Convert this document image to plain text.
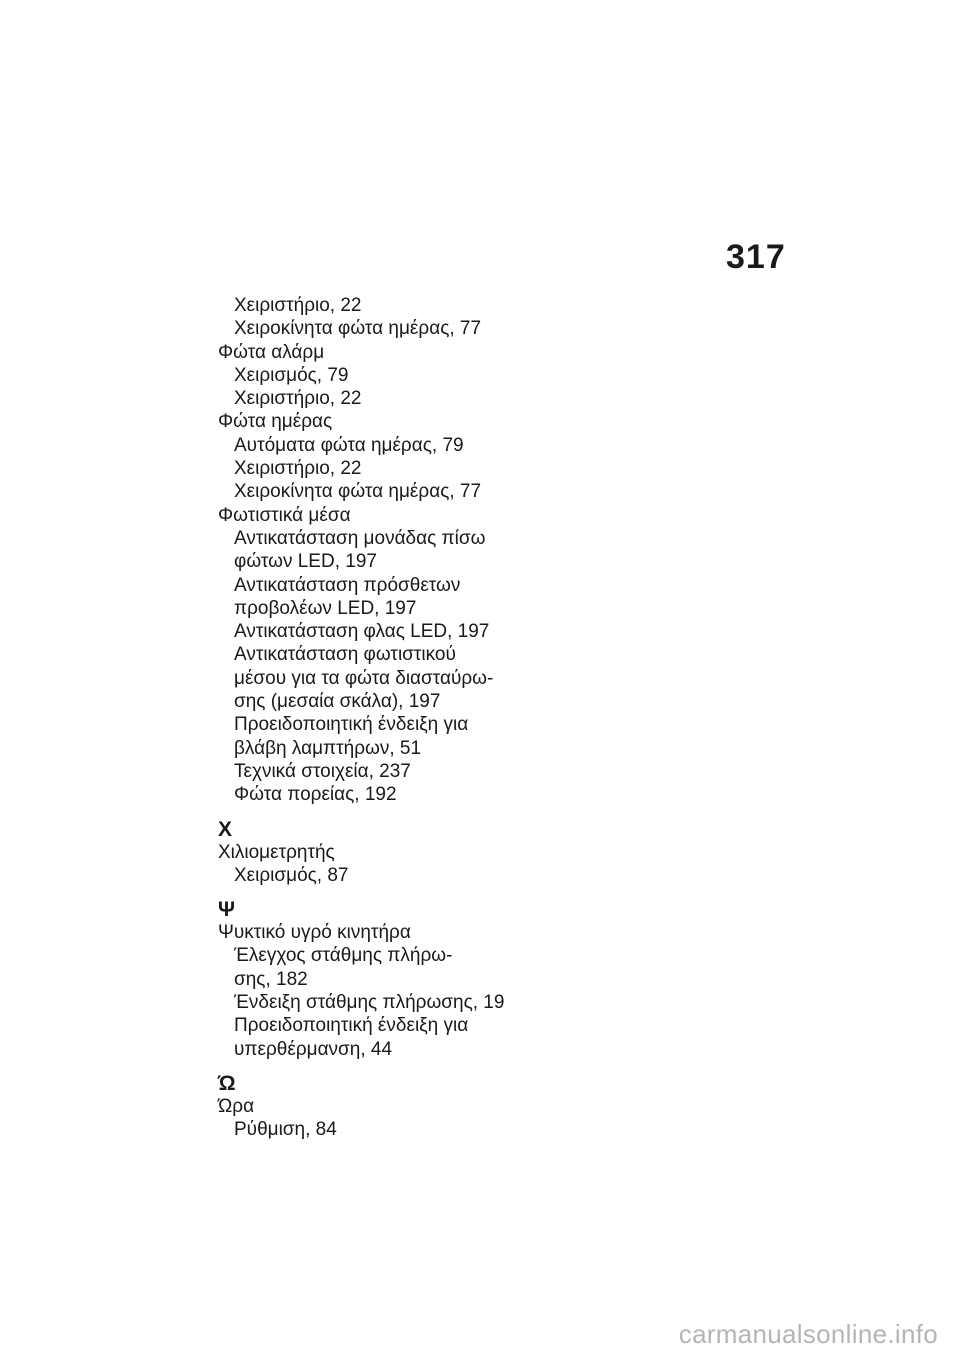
317
Χειριστήριο, 22
Χειροκίνητα φώτα ημέρας, 77
Φώτα αλάρμ
Χειρισμός, 79
Χειριστήριο, 22
Φώτα ημέρας
Αυτόματα φώτα ημέρας, 79
Χειριστήριο, 22
Χειροκίνητα φώτα ημέρας, 77
Φωτιστικά μέσα
Αντικατάσταση μονάδας πίσω
φώτων LED, 197
Αντικατάσταση πρόσθετων
προβολέων LED, 197
Αντικατάσταση φλας LED, 197
Αντικατάσταση φωτιστικού
μέσου για τα φώτα διασταύρω-
σης (μεσαία σκάλα), 197
Προειδοποιητική ένδειξη για
βλάβη λαμπτήρων, 51
Τεχνικά στοιχεία, 237
Φώτα πορείας, 192
Χ
Χιλιομετρητής
Χειρισμός, 87
Ψ
Ψυκτικό υγρό κινητήρα
Έλεγχος στάθμης πλήρω-
σης, 182
Ένδειξη στάθμης πλήρωσης, 19
Προειδοποιητική ένδειξη για
υπερθέρμανση, 44
Ώ
Ώρα
Ρύθμιση, 84
carmanualsonline.info
